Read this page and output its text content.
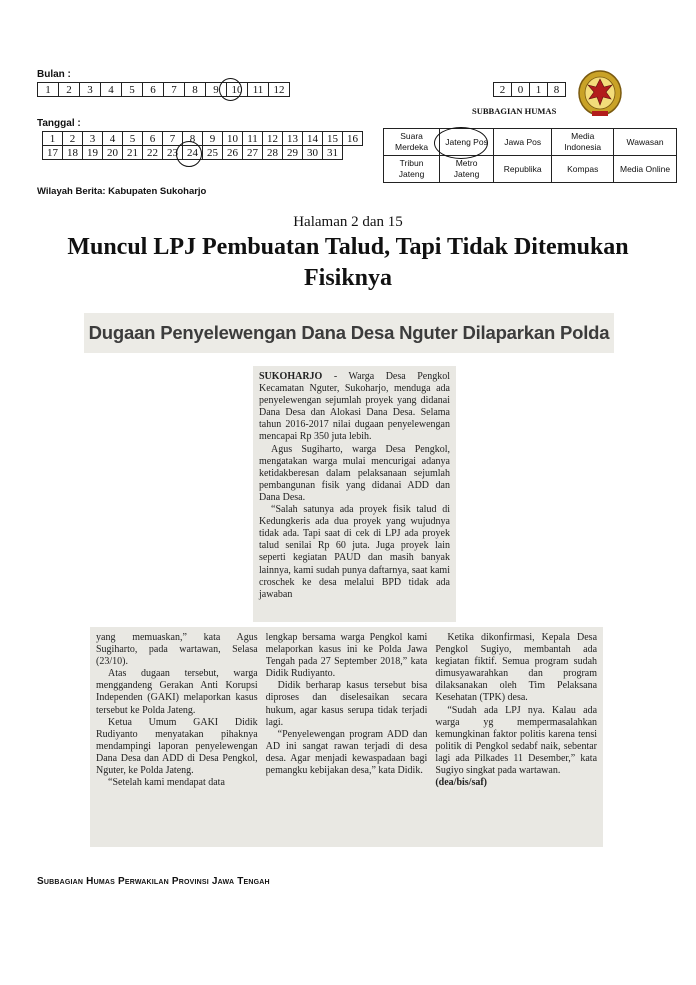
Bulan :
1	2	3	4	5	6	7	8	9	10	11	12
Tanggal :
1	2	3	4	5	6	7	8	9	10	11	12	13	14	15	16
17	18	19	20	21	22	23	24	25	26	27	28	29	30	31	
2	0	1	8
SUBBAGIAN HUMAS
Suara Merdeka	Jateng Pos	Jawa Pos	Media Indonesia	Wawasan
Tribun Jateng	Metro Jateng	Republika	Kompas	Media Online
Wilayah Berita: Kabupaten Sukoharjo
Halaman 2 dan 15
Muncul LPJ Pembuatan Talud, Tapi Tidak Ditemukan Fisiknya
Dugaan Penyelewengan Dana Desa Nguter Dilaparkan Polda

SUKOHARJO - Warga Desa Pengkol Kecamatan Nguter, Sukoharjo, menduga ada penyelewengan sejumlah proyek yang didanai Dana Desa dan Alokasi Dana Desa. Selama tahun 2016-2017 nilai dugaan penyelewengan mencapai Rp 350 juta lebih.

Agus Sugiharto, warga Desa Pengkol, mengatakan warga mulai mencurigai adanya ketidakberesan dalam pelaksanaan sejumlah pembangunan fisik yang didanai ADD dan Dana Desa.

“Salah satunya ada proyek fisik talud di Kedungkeris ada dua proyek yang wujudnya tidak ada. Tapi saat di cek di LPJ ada proyek talud senilai Rp 60 juta. Juga proyek lain seperti kegiatan PAUD dan masih banyak lainnya, kami sudah punya daftarnya, saat kami croschek ke desa melalui BPD tidak ada jawaban

yang memuaskan,” kata Agus Sugiharto, pada wartawan, Selasa (23/10).

Atas dugaan tersebut, warga menggandeng Gerakan Anti Korupsi Independen (GAKI) melaporkan kasus tersebut ke Polda Jateng.

Ketua Umum GAKI Didik Rudiyanto menyatakan pihaknya mendampingi laporan penyelewengan Dana Desa dan ADD di Desa Pengkol, Nguter, ke Polda Jateng.

“Setelah kami mendapat data

lengkap bersama warga Pengkol kami melaporkan kasus ini ke Polda Jawa Tengah pada 27 September 2018,” kata Didik Rudiyanto.

Didik berharap kasus tersebut bisa diproses dan diselesaikan secara hukum, agar kasus serupa tidak terjadi lagi.

“Penyelewengan program ADD dan AD ini sangat rawan terjadi di desa desa. Agar menjadi kewaspadaan bagi pemangku kebijakan desa,” kata Didik.

Ketika dikonfirmasi, Kepala Desa Pengkol Sugiyo, membantah ada kegiatan fiktif. Semua program sudah dimusyawarahkan dan program dilaksanakan oleh Tim Pelaksana Kesehatan (TPK) desa.

“Sudah ada LPJ nya. Kalau ada warga yg mempermasalahkan kemungkinan faktor politis karena tensi politik di Pengkol sedabf naik, sebentar lagi ada Pilkades 11 Desember,” kata Sugiyo singkat pada wartawan.

(dea/bis/saf)

Subbagian Humas Perwakilan Provinsi Jawa Tengah
